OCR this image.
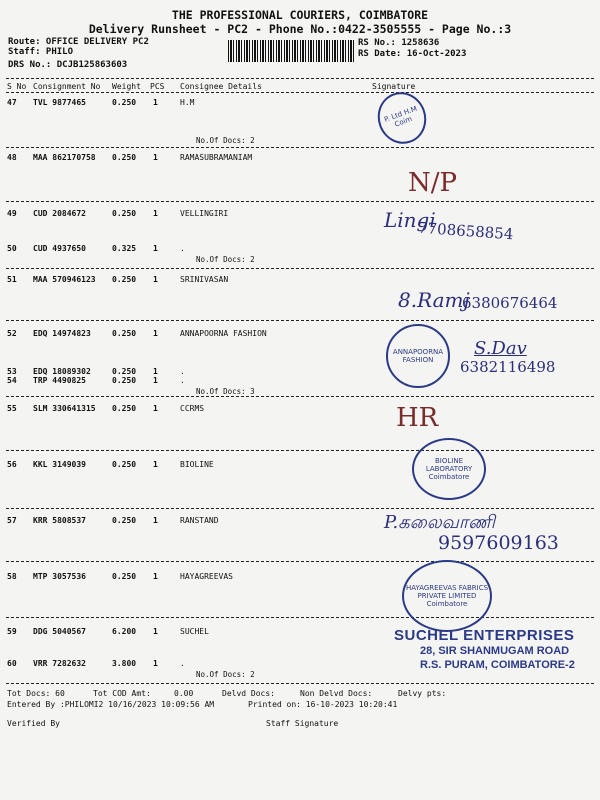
THE PROFESSIONAL COURIERS, COIMBATORE
Delivery Runsheet - PC2 - Phone No.:0422-3505555 - Page No.:3
Route: OFFICE DELIVERY PC2
Staff: PHILO
DRS No.: DCJB125863603
RS No.: 1258636
RS Date: 16-Oct-2023
S No Consignment No Weight PCS Consignee Details	Signature
47 TVL 9877465	0.250 1	H.M
No.Of Docs: 2
48 MAA 862170758 0.250 1	RAMASUBRAMANIAM
49 CUD 2084672	0.250 1	VELLINGIRI
50 CUD 4937650	0.325 1	.
No.Of Docs: 2
51 MAA 570946123 0.250 1	SRINIVASAN
52 EDQ 14974823	0.250 1	ANNAPOORNA FASHION
53 EDQ 18089302	0.250 1	.
54 TRP 4490825	0.250 1	.
No.Of Docs: 3
55 SLM 330641315 0.250 1	CCRMS
56 KKL 3149039	0.250 1	BIOLINE
57 KRR 5808537	0.250 1	RANSTAND
58 MTP 3057536	0.250 1	HAYAGREEVAS
59 DDG 5040567	6.200 1	SUCHEL
60 VRR 7282632	3.800 1	.
No.Of Docs: 2
P. Ltd H.M Coim
N/P
Lingi
7708658854
8.Ramj
6380676464
ANNAPOORNA FASHION
S.Dav
6382116498
HR
BIOLINE LABORATORY Coimbatore
P.கலைவாணி
9597609163
HAYAGREEVAS FABRICS PRIVATE LIMITED Coimbatore
SUCHEL ENTERPRISES
28, SIR SHANMUGAM ROAD
R.S. PURAM, COIMBATORE-2
Tot Docs: 60	Tot COD Amt:	0.00	Delvd Docs:	Non Delvd Docs:	Delvy pts:
Entered By :PHILOMI2 10/16/2023 10:09:56 AM	Printed on: 16-10-2023 10:20:41
Verified By	Staff Signature
